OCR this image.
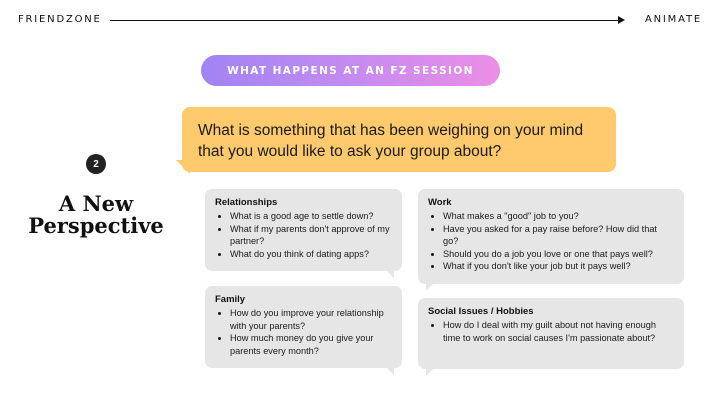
FRIENDZONE	ANIMATE
WHAT HAPPENS AT AN FZ SESSION
What is something that has been weighing on your mind that you would like to ask your group about?
2
A New Perspective
Relationships
• What is a good age to settle down?
• What if my parents don't approve of my partner?
• What do you think of dating apps?
Work
• What makes a "good" job to you?
• Have you asked for a pay raise before? How did that go?
• Should you do a job you love or one that pays well?
• What if you don't like your job but it pays well?
Family
• How do you improve your relationship with your parents?
• How much money do you give your parents every month?
Social Issues / Hobbies
• How do I deal with my guilt about not having enough time to work on social causes I'm passionate about?
